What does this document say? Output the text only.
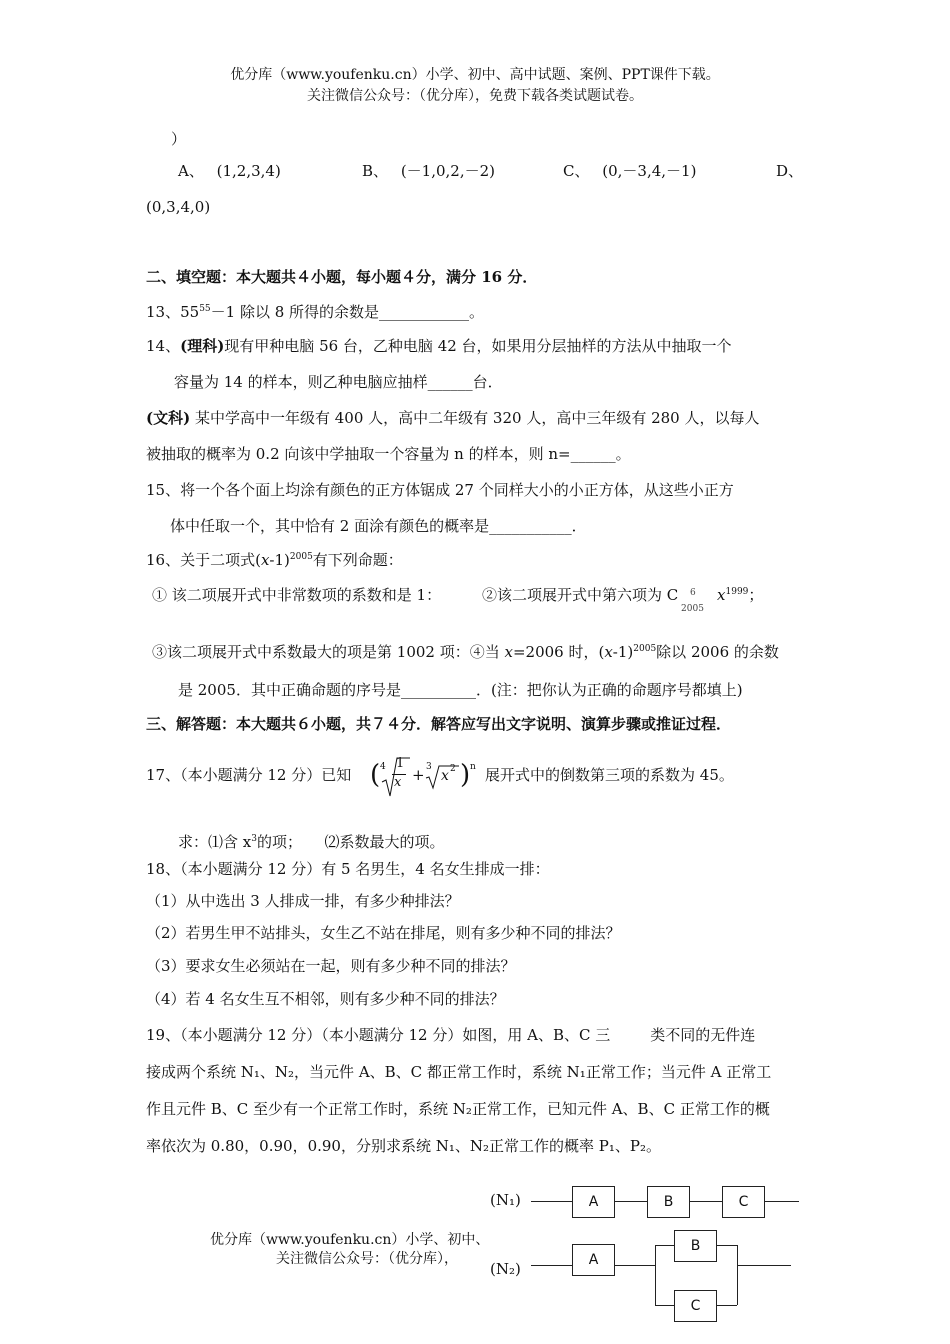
优分库（www.youfenku.cn）小学、初中、高中试题、案例、PPT课件下载。
关注微信公众号：（优分库），免费下载各类试题试卷。
）
A、 (1,2,3,4)	B、 (－1,0,2,－2)	C、 (0,－3,4,－1)	D、
(0,3,4,0)
二、填空题：本大题共４小题，每小题４分，满分 16 分．
13、$55^{55}-1$ 除以 8 所得的余数是____________。
14、(理科)现有甲种电脑 56 台，乙种电脑 42 台，如果用分层抽样的方法从中抽取一个
容量为 14 的样本，则乙种电脑应抽样______台．
(文科) 某中学高中一年级有 400 人，高中二年级有 320 人，高中三年级有 280 人，以每人
被抽取的概率为 0.2 向该中学抽取一个容量为 n 的样本，则 n=______。
15、将一个各个面上均涂有颜色的正方体锯成 27 个同样大小的小正方体，从这些小正方
体中任取一个，其中恰有 2 面涂有颜色的概率是___________．
16、关于二项式$(x-1)^{2005}$有下列命题：
① 该二项展开式中非常数项的系数和是 1：	②该二项展开式中第六项为 C 6
2005
$x^{1999}$；
③该二项展开式中系数最大的项是第 1002 项：④当 x=2006 时，$(x-1)^{2005}$除以 2006 的余数
是 2005．其中正确命题的序号是__________．(注：把你认为正确的命题序号都填上)
三、解答题：本大题共６小题，共７４分．解答应写出文字说明、演算步骤或推证过程．
17、（本小题满分 12 分）已知 ( 4 1
x + 3
x 2 ) n 展开式中的倒数第三项的系数为 45。
求：⑴含 $x^3$的项；　　⑵系数最大的项。
18、（本小题满分 12 分）有 5 名男生，4 名女生排成一排：
（1）从中选出 3 人排成一排，有多少种排法？
（2）若男生甲不站排头，女生乙不站在排尾，则有多少种不同的排法？
（3）要求女生必须站在一起，则有多少种不同的排法？
（4）若 4 名女生互不相邻，则有多少种不同的排法？
19、（本小题满分 12 分）（本小题满分 12 分）如图，用 A、B、C 三	类不同的无件连
接成两个系统 N₁、N₂，当元件 A、B、C 都正常工作时，系统 N₁正常工作；当元件 A 正常工
作且元件 B、C 至少有一个正常工作时，系统 N₂正常工作，已知元件 A、B、C 正常工作的概
率依次为 0.80，0.90，0.90，分别求系统 N₁、N₂正常工作的概率 P₁、P₂。
(N₁)	A	B	C
(N₂)	A
B
C
优分库（www.youfenku.cn）小学、初中、
关注微信公众号：（优分库），
